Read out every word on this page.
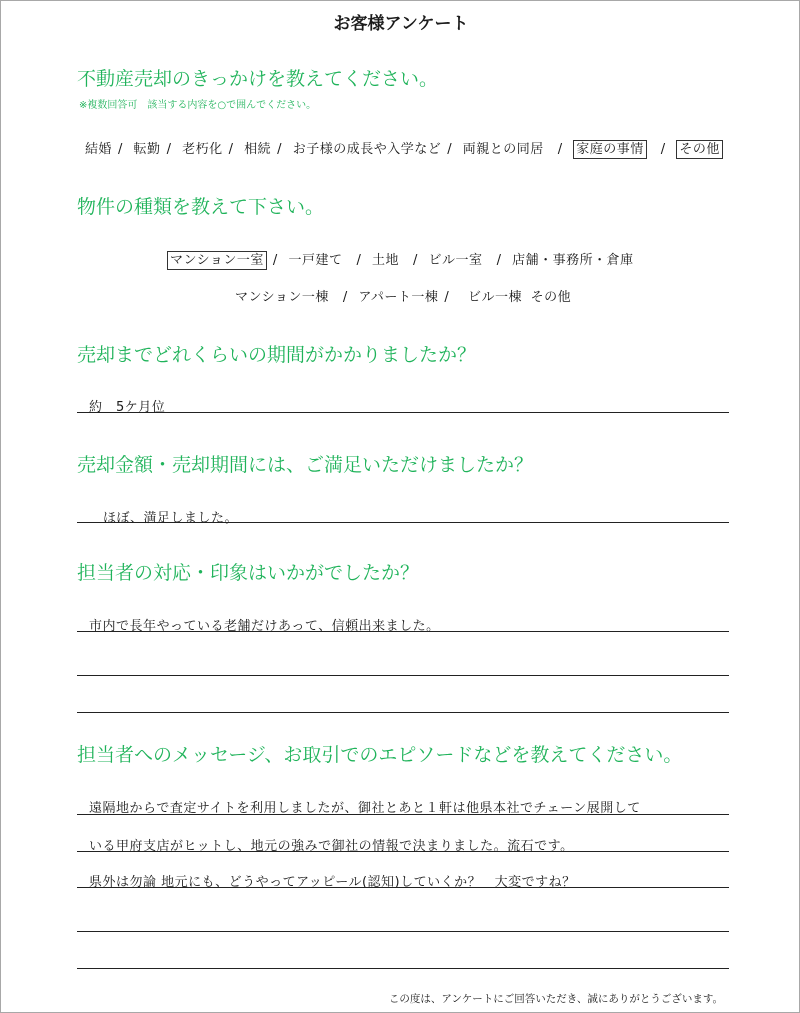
お客様アンケート
不動産売却のきっかけを教えてください。
※複数回答可　該当する内容を○で囲んでください。
結婚 / 転勤 / 老朽化 / 相続 / お子様の成長や入学など / 両親との同居 / 家庭の事情 / その他
物件の種類を教えて下さい。
マンション一室 / 一戸建て / 土地 / ビル一室 / 店舗・事務所・倉庫
マンション一棟 / アパート一棟 / ビル一棟 その他
売却までどれくらいの期間がかかりましたか？
約　5ケ月位
売却金額・売却期間には、ご満足いただけましたか？
ほぼ、満足しました。
担当者の対応・印象はいかがでしたか？
市内で長年やっている老舗だけあって、信頼出来ました。
担当者へのメッセージ、お取引でのエピソードなどを教えてください。
遠隔地からで査定サイトを利用しましたが、御社とあと１軒は他県本社でチェーン展開して
いる甲府支店がヒットし、地元の強みで御社の情報で決まりました。流石です。
県外は勿論 地元にも、どうやってアッピール(認知)していくか？　大変ですね？
この度は、アンケートにご回答いただき、誠にありがとうございます。
